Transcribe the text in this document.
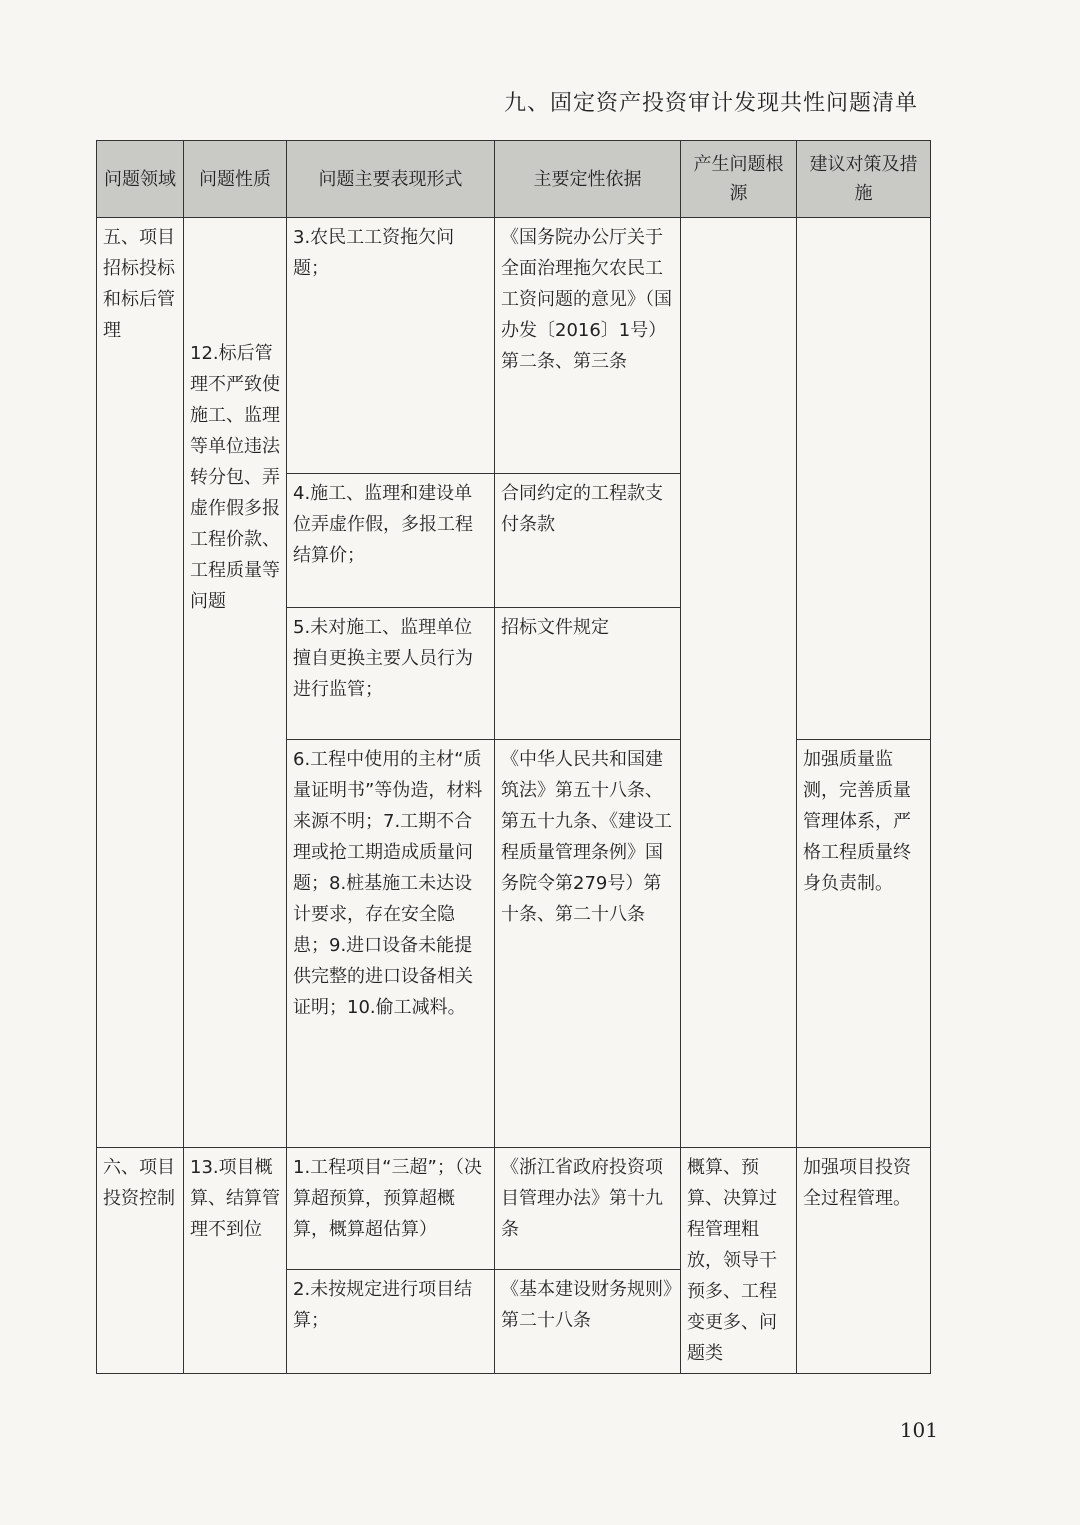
九、固定资产投资审计发现共性问题清单
问题领域	问题性质	问题主要表现形式	主要定性依据	产生问题根源	建议对策及措施
五、项目招标投标和标后管理	12.标后管理不严致使施工、监理等单位违法转分包、弄虚作假多报工程价款、工程质量等问题	3.农民工工资拖欠问题；	《国务院办公厅关于全面治理拖欠农民工工资问题的意见》（国办发〔2016〕1号）第二条、第三条		
		4.施工、监理和建设单位弄虚作假，多报工程结算价；	合同约定的工程款支付条款		
		5.未对施工、监理单位擅自更换主要人员行为进行监管；	招标文件规定		
		6.工程中使用的主材“质量证明书”等伪造，材料来源不明；7.工期不合理或抢工期造成质量问题；8.桩基施工未达设计要求，存在安全隐患；9.进口设备未能提供完整的进口设备相关证明；10.偷工减料。	《中华人民共和国建筑法》第五十八条、第五十九条、《建设工程质量管理条例》国务院令第279号）第十条、第二十八条		加强质量监测，完善质量管理体系，严格工程质量终身负责制。
六、项目投资控制	13.项目概算、结算管理不到位	1.工程项目“三超”；（决算超预算，预算超概算，概算超估算）	《浙江省政府投资项目管理办法》第十九条	概算、预算、决算过程管理粗放，领导干预多、工程变更多、问题类	加强项目投资全过程管理。
		2.未按规定进行项目结算；	《基本建设财务规则》第二十八条		
101
